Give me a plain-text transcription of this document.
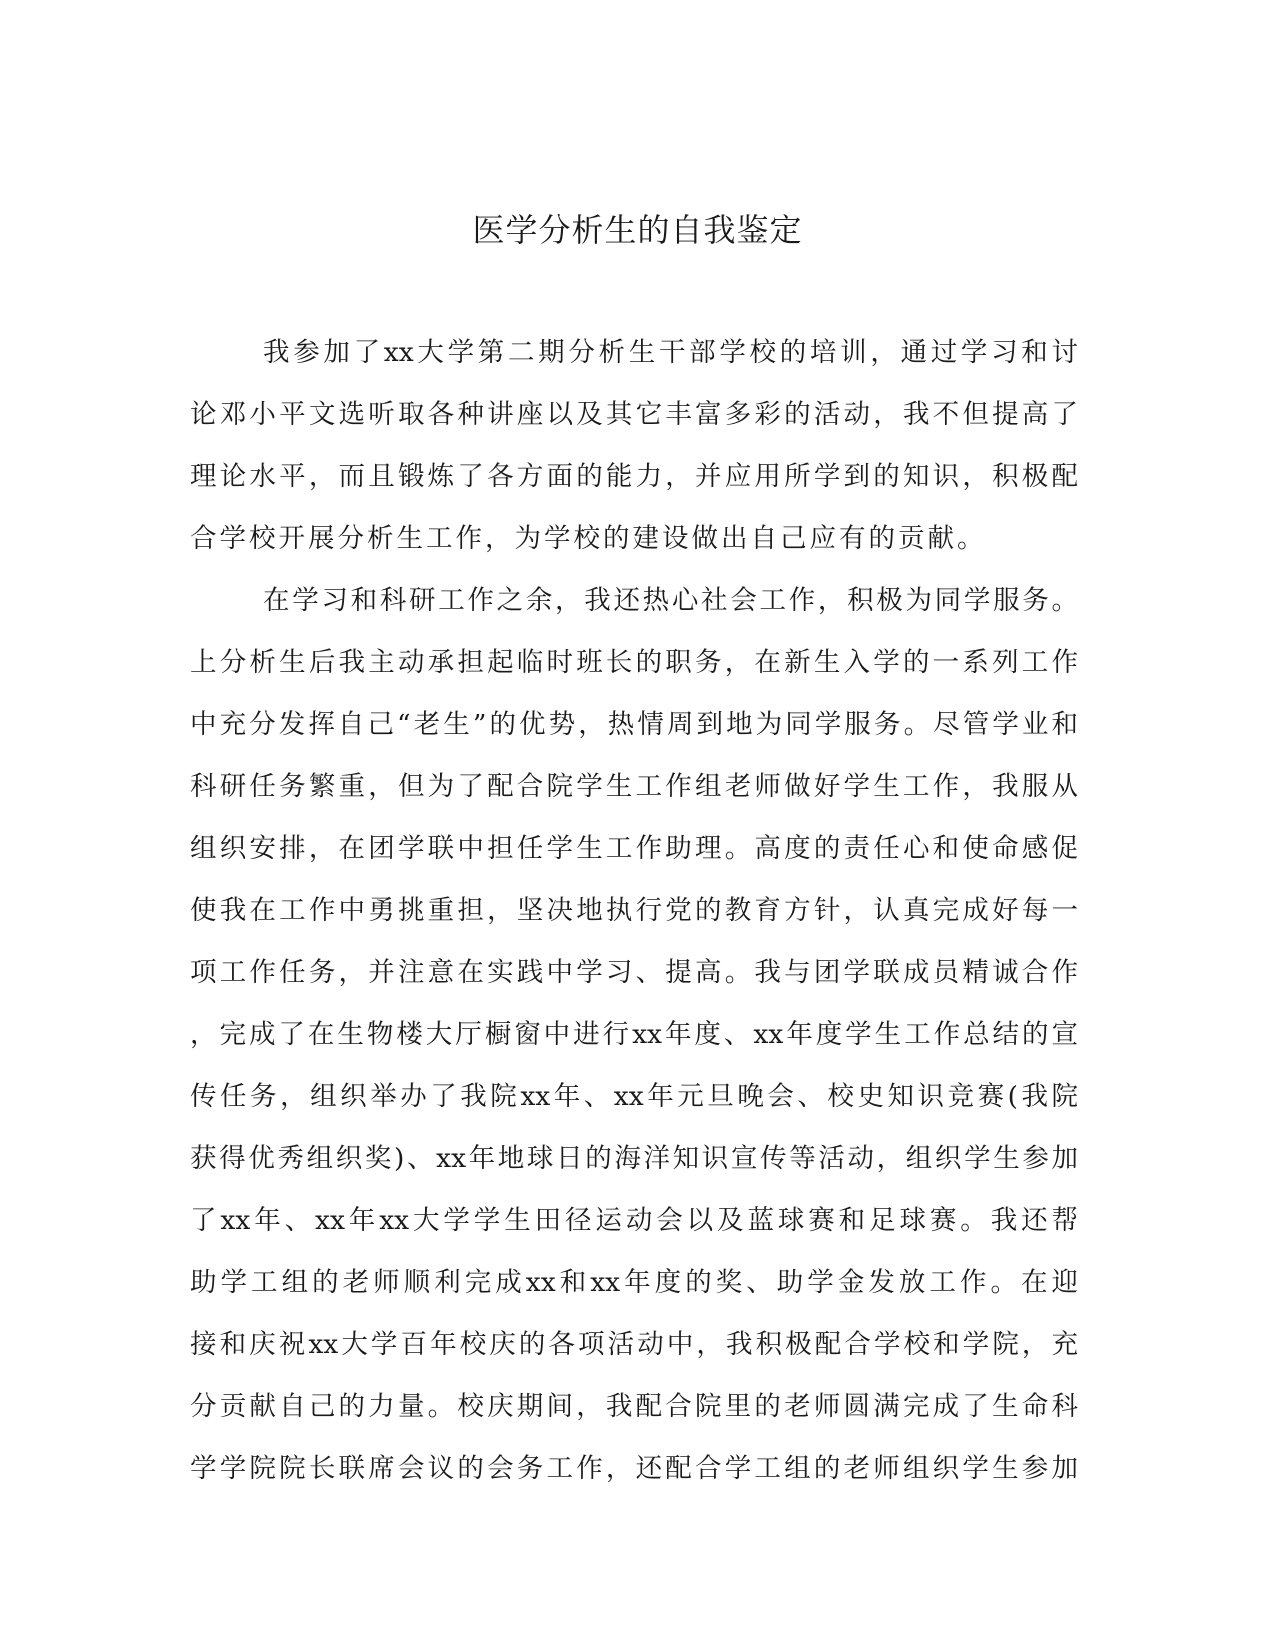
医学分析生的自我鉴定
我参加了xx大学第二期分析生干部学校的培训，通过学习和讨
论邓小平文选听取各种讲座以及其它丰富多彩的活动，我不但提高了
理论水平，而且锻炼了各方面的能力，并应用所学到的知识，积极配
合学校开展分析生工作，为学校的建设做出自己应有的贡献。
在学习和科研工作之余，我还热心社会工作，积极为同学服务。
上分析生后我主动承担起临时班长的职务，在新生入学的一系列工作
中充分发挥自己“老生”的优势，热情周到地为同学服务。尽管学业和
科研任务繁重，但为了配合院学生工作组老师做好学生工作，我服从
组织安排，在团学联中担任学生工作助理。高度的责任心和使命感促
使我在工作中勇挑重担，坚决地执行党的教育方针，认真完成好每一
项工作任务，并注意在实践中学习、提高。我与团学联成员精诚合作
，完成了在生物楼大厅橱窗中进行xx年度、xx年度学生工作总结的宣
传任务，组织举办了我院xx年、xx年元旦晚会、校史知识竞赛(我院
获得优秀组织奖)、xx年地球日的海洋知识宣传等活动，组织学生参加
了xx年、xx年xx大学学生田径运动会以及蓝球赛和足球赛。我还帮
助学工组的老师顺利完成xx和xx年度的奖、助学金发放工作。在迎
接和庆祝xx大学百年校庆的各项活动中，我积极配合学校和学院，充
分贡献自己的力量。校庆期间，我配合院里的老师圆满完成了生命科
学学院院长联席会议的会务工作，还配合学工组的老师组织学生参加
